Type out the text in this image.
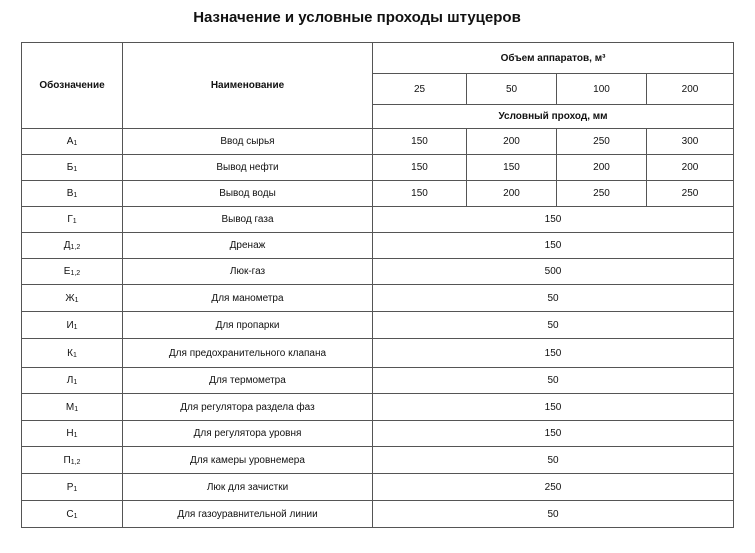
Назначение и условные проходы штуцеров
Обозначение	Наименование	Объем аппаратов, м³			
		25	50	100	200
		Условный проход, мм			
$А_1$	Ввод сырья	150	200	250	300
$Б_1$	Вывод нефти	150	150	200	200
$В_1$	Вывод воды	150	200	250	250
$Г_1$	Вывод газа	150			
$Д_{1,2}$	Дренаж	150			
$Е_{1,2}$	Люк-газ	500			
$Ж_1$	Для манометра	50			
$И_1$	Для пропарки	50			
$К_1$	Для предохранительного клапана	150			
$Л_1$	Для термометра	50			
$М_1$	Для регулятора раздела фаз	150			
$Н_1$	Для регулятора уровня	150			
$П_{1,2}$	Для камеры уровнемера	50			
$Р_1$	Люк для зачистки	250			
$С_1$	Для газоуравнительной линии	50			
